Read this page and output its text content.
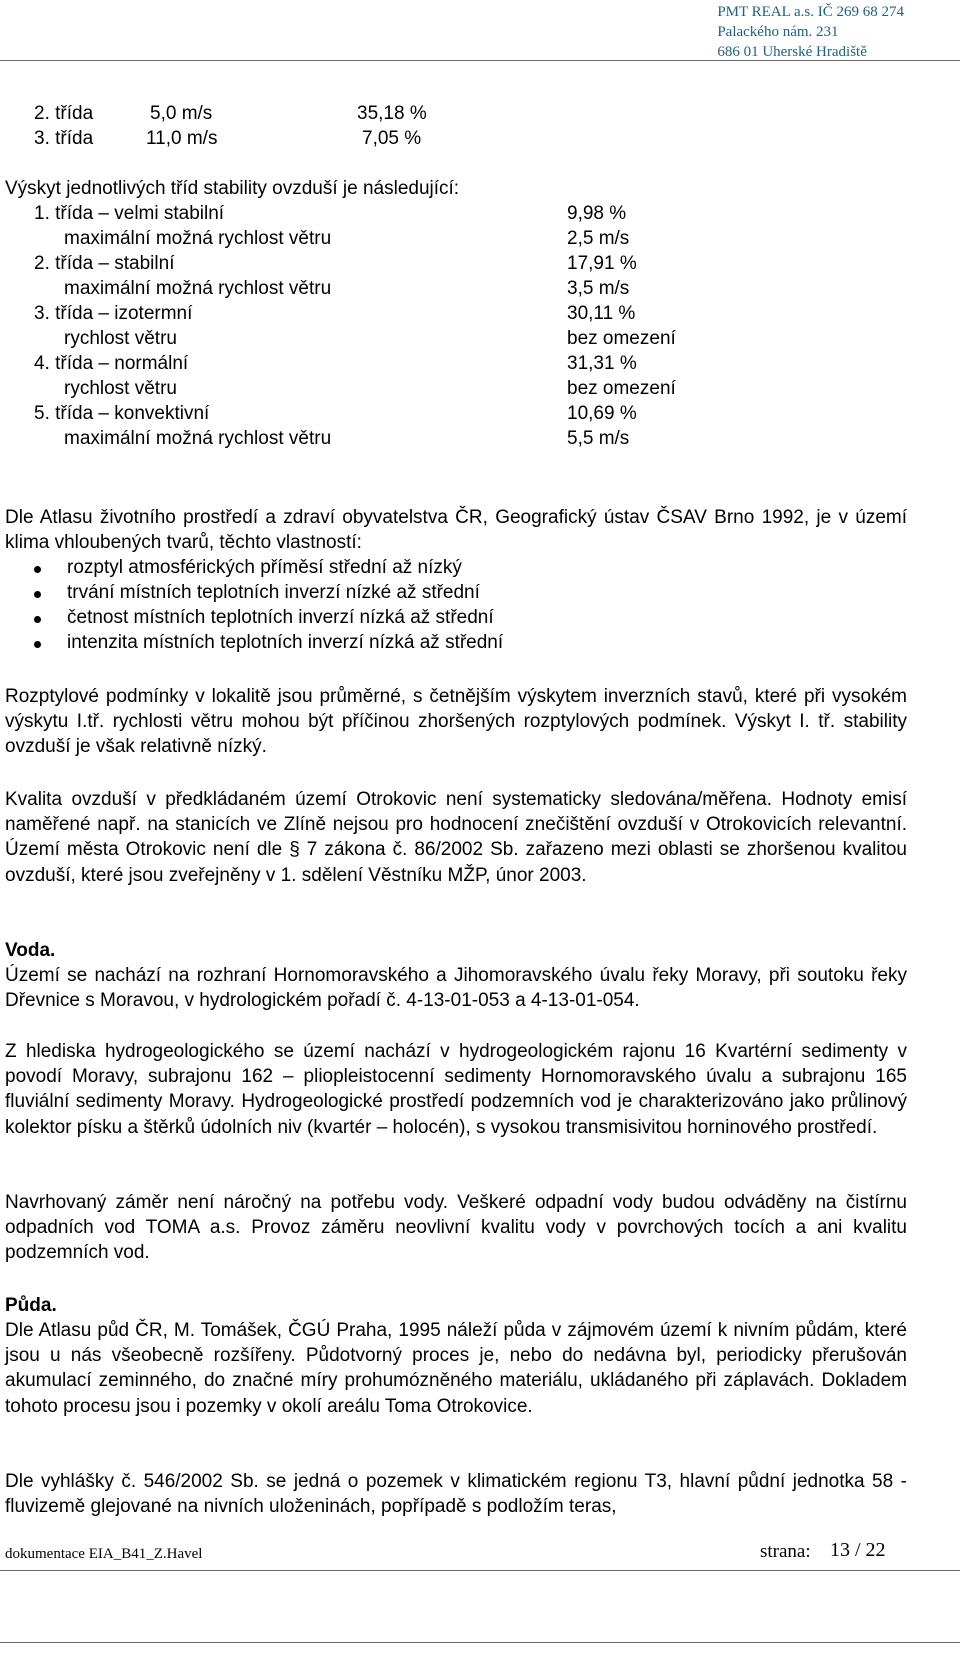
PMT REAL a.s. IČ 269 68 274
Palackého nám. 231
686 01 Uherské Hradiště
2. třída	5,0 m/s	35,18 %
3. třída	11,0 m/s	7,05 %
Výskyt jednotlivých tříd stability ovzduší je následující:
1. třída – velmi stabilní	9,98 %
maximální možná rychlost větru	2,5 m/s
2. třída – stabilní	17,91 %
maximální možná rychlost větru	3,5 m/s
3. třída – izotermní	30,11 %
rychlost větru	bez omezení
4. třída – normální	31,31 %
rychlost větru	bez omezení
5. třída – konvektivní	10,69 %
maximální možná rychlost větru	5,5 m/s
Dle Atlasu životního prostředí a zdraví obyvatelstva ČR, Geografický ústav ČSAV Brno 1992, je v území klima vhloubených tvarů, těchto vlastností:
rozptyl atmosférických příměsí střední až nízký
trvání místních teplotních inverzí nízké až střední
četnost místních teplotních inverzí nízká až střední
intenzita místních teplotních inverzí nízká až střední
Rozptylové podmínky v lokalitě jsou průměrné, s četnějším výskytem inverzních stavů, které při vysokém výskytu I.tř. rychlosti větru mohou být příčinou zhoršených rozptylových podmínek. Výskyt I. tř. stability ovzduší je však relativně nízký.
Kvalita ovzduší v předkládaném území Otrokovic není systematicky sledována/měřena. Hodnoty emisí naměřené např. na stanicích ve Zlíně nejsou pro hodnocení znečištění ovzduší v Otrokovicích relevantní. Území města Otrokovic není dle § 7 zákona č. 86/2002 Sb. zařazeno mezi oblasti se zhoršenou kvalitou ovzduší, které jsou zveřejněny v 1. sdělení Věstníku MŽP, únor 2003.
Voda.
Území se nachází na rozhraní Hornomoravského a Jihomoravského úvalu řeky Moravy, při soutoku řeky Dřevnice s Moravou, v hydrologickém pořadí č. 4-13-01-053 a 4-13-01-054.
Z hlediska hydrogeologického se území nachází v hydrogeologickém rajonu 16 Kvartérní sedimenty v povodí Moravy, subrajonu 162 – pliopleistocenní sedimenty Hornomoravského úvalu a subrajonu 165 fluviální sedimenty Moravy. Hydrogeologické prostředí podzemních vod je charakterizováno jako průlinový kolektor písku a štěrků údolních niv (kvartér – holocén), s vysokou transmisivitou horninového prostředí.
Navrhovaný záměr není náročný na potřebu vody. Veškeré odpadní vody budou odváděny na čistírnu odpadních vod TOMA a.s. Provoz záměru neovlivní kvalitu vody v povrchových tocích a ani kvalitu podzemních vod.
Půda.
Dle Atlasu půd ČR, M. Tomášek, ČGÚ Praha, 1995 náleží půda v zájmovém území k nivním půdám, které jsou u nás všeobecně rozšířeny. Půdotvorný proces je, nebo do nedávna byl, periodicky přerušován akumulací zeminného, do značné míry prohumózněného materiálu, ukládaného při záplavách. Dokladem tohoto procesu jsou i pozemky v okolí areálu Toma Otrokovice.
Dle vyhlášky č. 546/2002 Sb. se jedná o pozemek v klimatickém regionu T3, hlavní půdní jednotka 58 - fluvizemě glejované na nivních uloženinách, popřípadě s podložím teras,
dokumentace EIA_B41_Z.Havel	strana: 13 / 22
